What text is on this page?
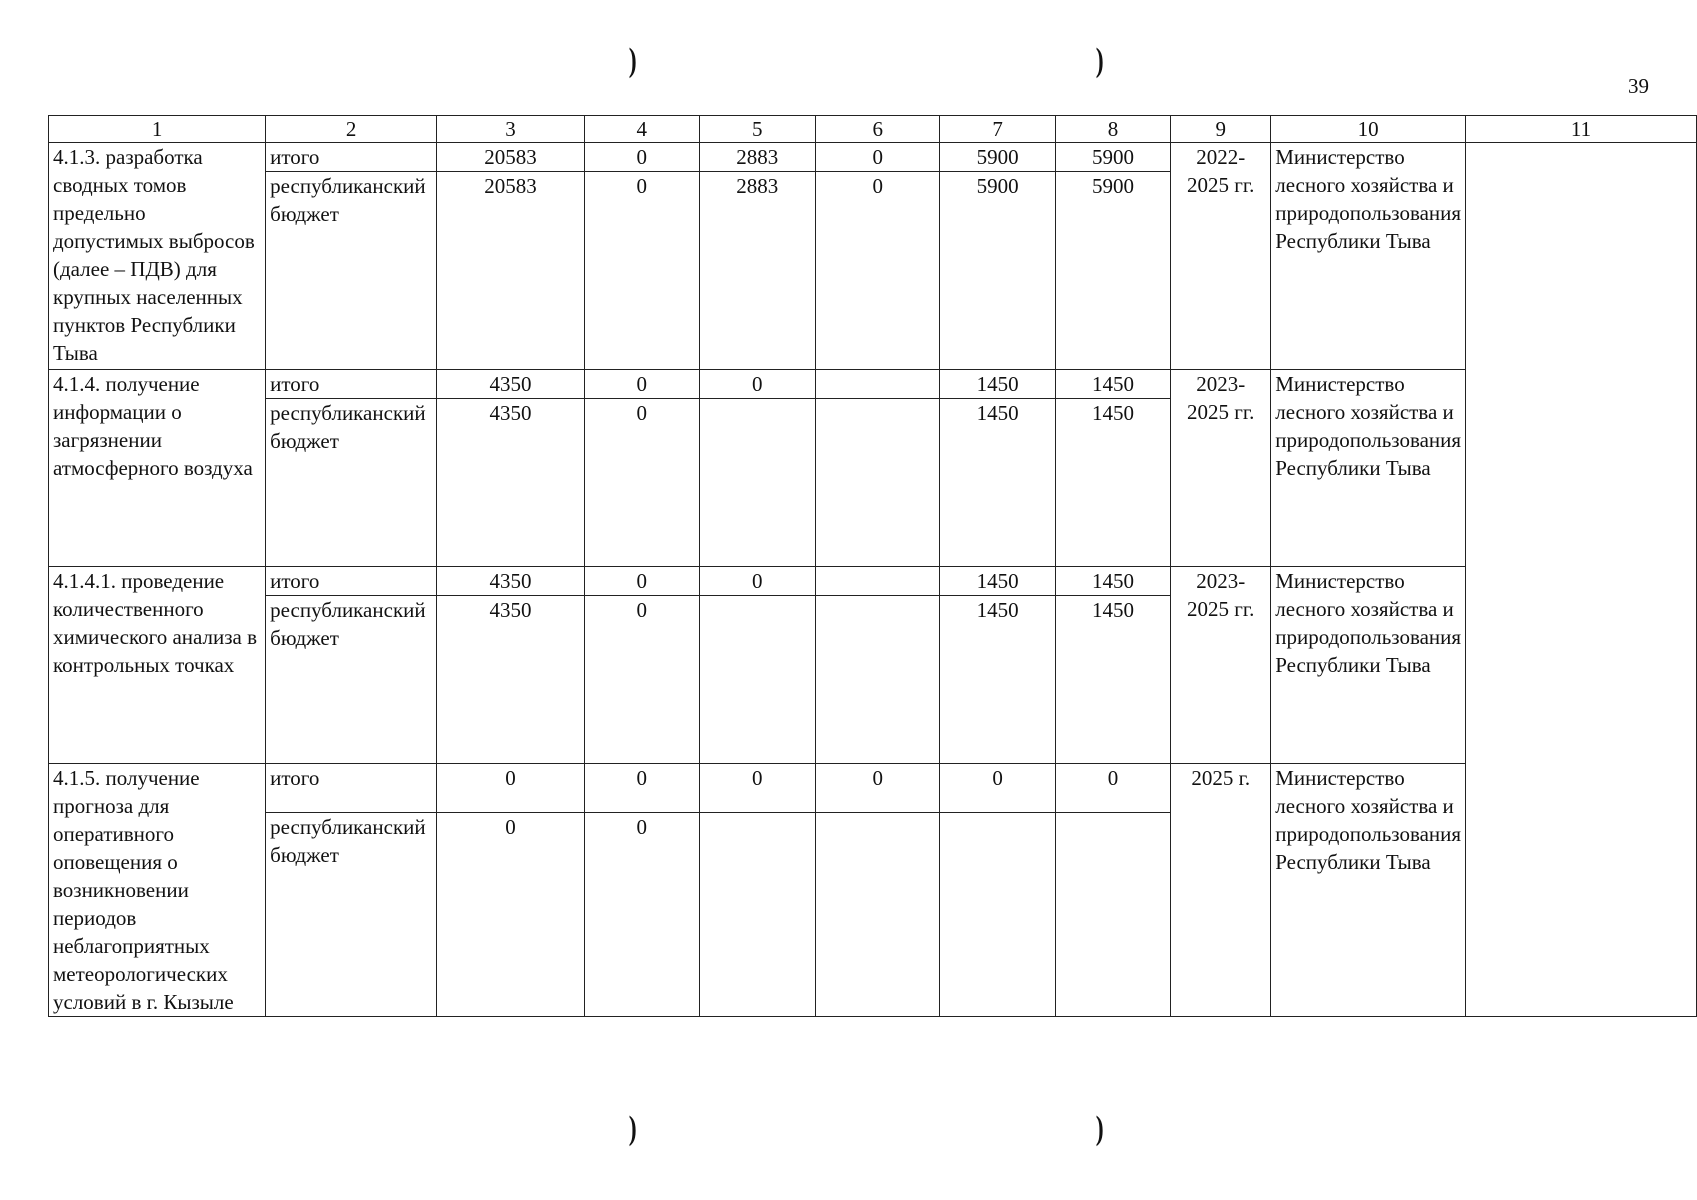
39
)	)
)	)
1	2	3	4	5	6	7	8	9	10	11
4.1.3. разработка сводных томов предельно допустимых выбросов (далее – ПДВ) для крупных населенных пунктов Республики Тыва	итого	20583	0	2883	0	5900	5900	2022-2025 гг.	Министерство лесного хозяйства и природопользования Республики Тыва	
	республиканский бюджет	20583	0	2883	0	5900	5900			
4.1.4. получение информации о загрязнении атмосферного воздуха	итого	4350	0	0		1450	1450	2023-2025 гг.	Министерство лесного хозяйства и природопользования Республики Тыва	
	республиканский бюджет	4350	0			1450	1450			
4.1.4.1. проведение количественного химического анализа в контрольных точках	итого	4350	0	0		1450	1450	2023-2025 гг.	Министерство лесного хозяйства и природопользования Республики Тыва	
	республиканский бюджет	4350	0			1450	1450			
4.1.5. получение прогноза для оперативного оповещения о возникновении периодов неблагоприятных метеорологических условий в г. Кызыле	итого	0	0	0	0	0	0	2025 г.	Министерство лесного хозяйства и природопользования Республики Тыва	
	республиканский бюджет	0	0							
